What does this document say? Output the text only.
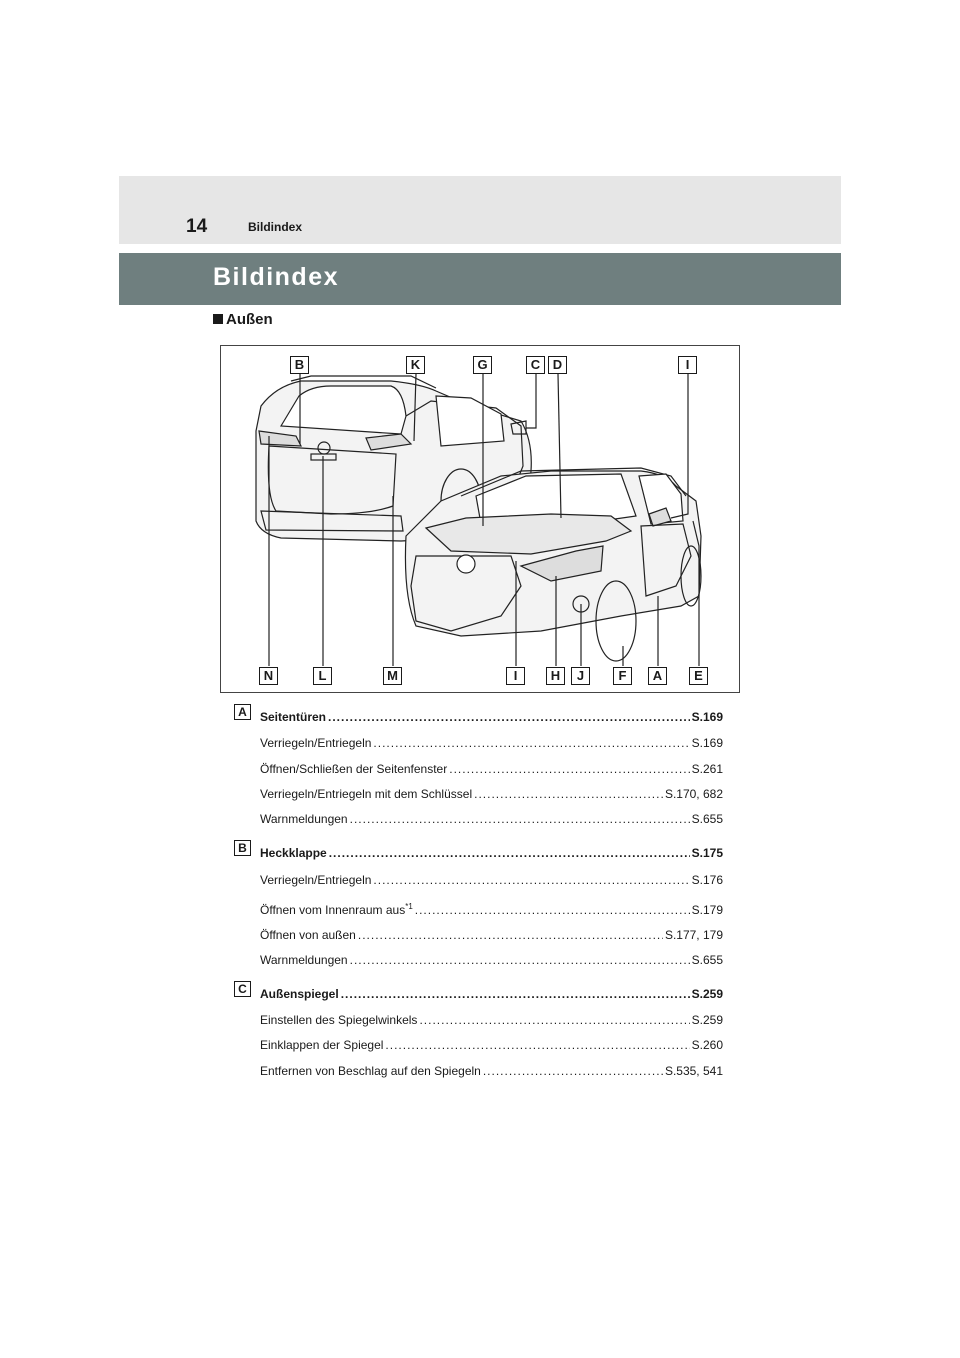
14	Bildindex
Bildindex
Außen
B	K	G	C D	I
N	L	M	I	H	J	F	A	E
A	Seitentüren .....	S.169
Verriegeln/Entriegeln .....	S.169
Öffnen/Schließen der Seitenfenster .....	S.261
Verriegeln/Entriegeln mit dem Schlüssel .....	S.170, 682
Warnmeldungen .....	S.655
B	Heckklappe .....	S.175
Verriegeln/Entriegeln .....	S.176
Öffnen vom Innenraum aus$^{*1}$ .....	S.179
Öffnen von außen .....	S.177, 179
Warnmeldungen .....	S.655
C	Außenspiegel .....	S.259
Einstellen des Spiegelwinkels .....	S.259
Einklappen der Spiegel .....	S.260
Entfernen von Beschlag auf den Spiegeln .....	S.535, 541
